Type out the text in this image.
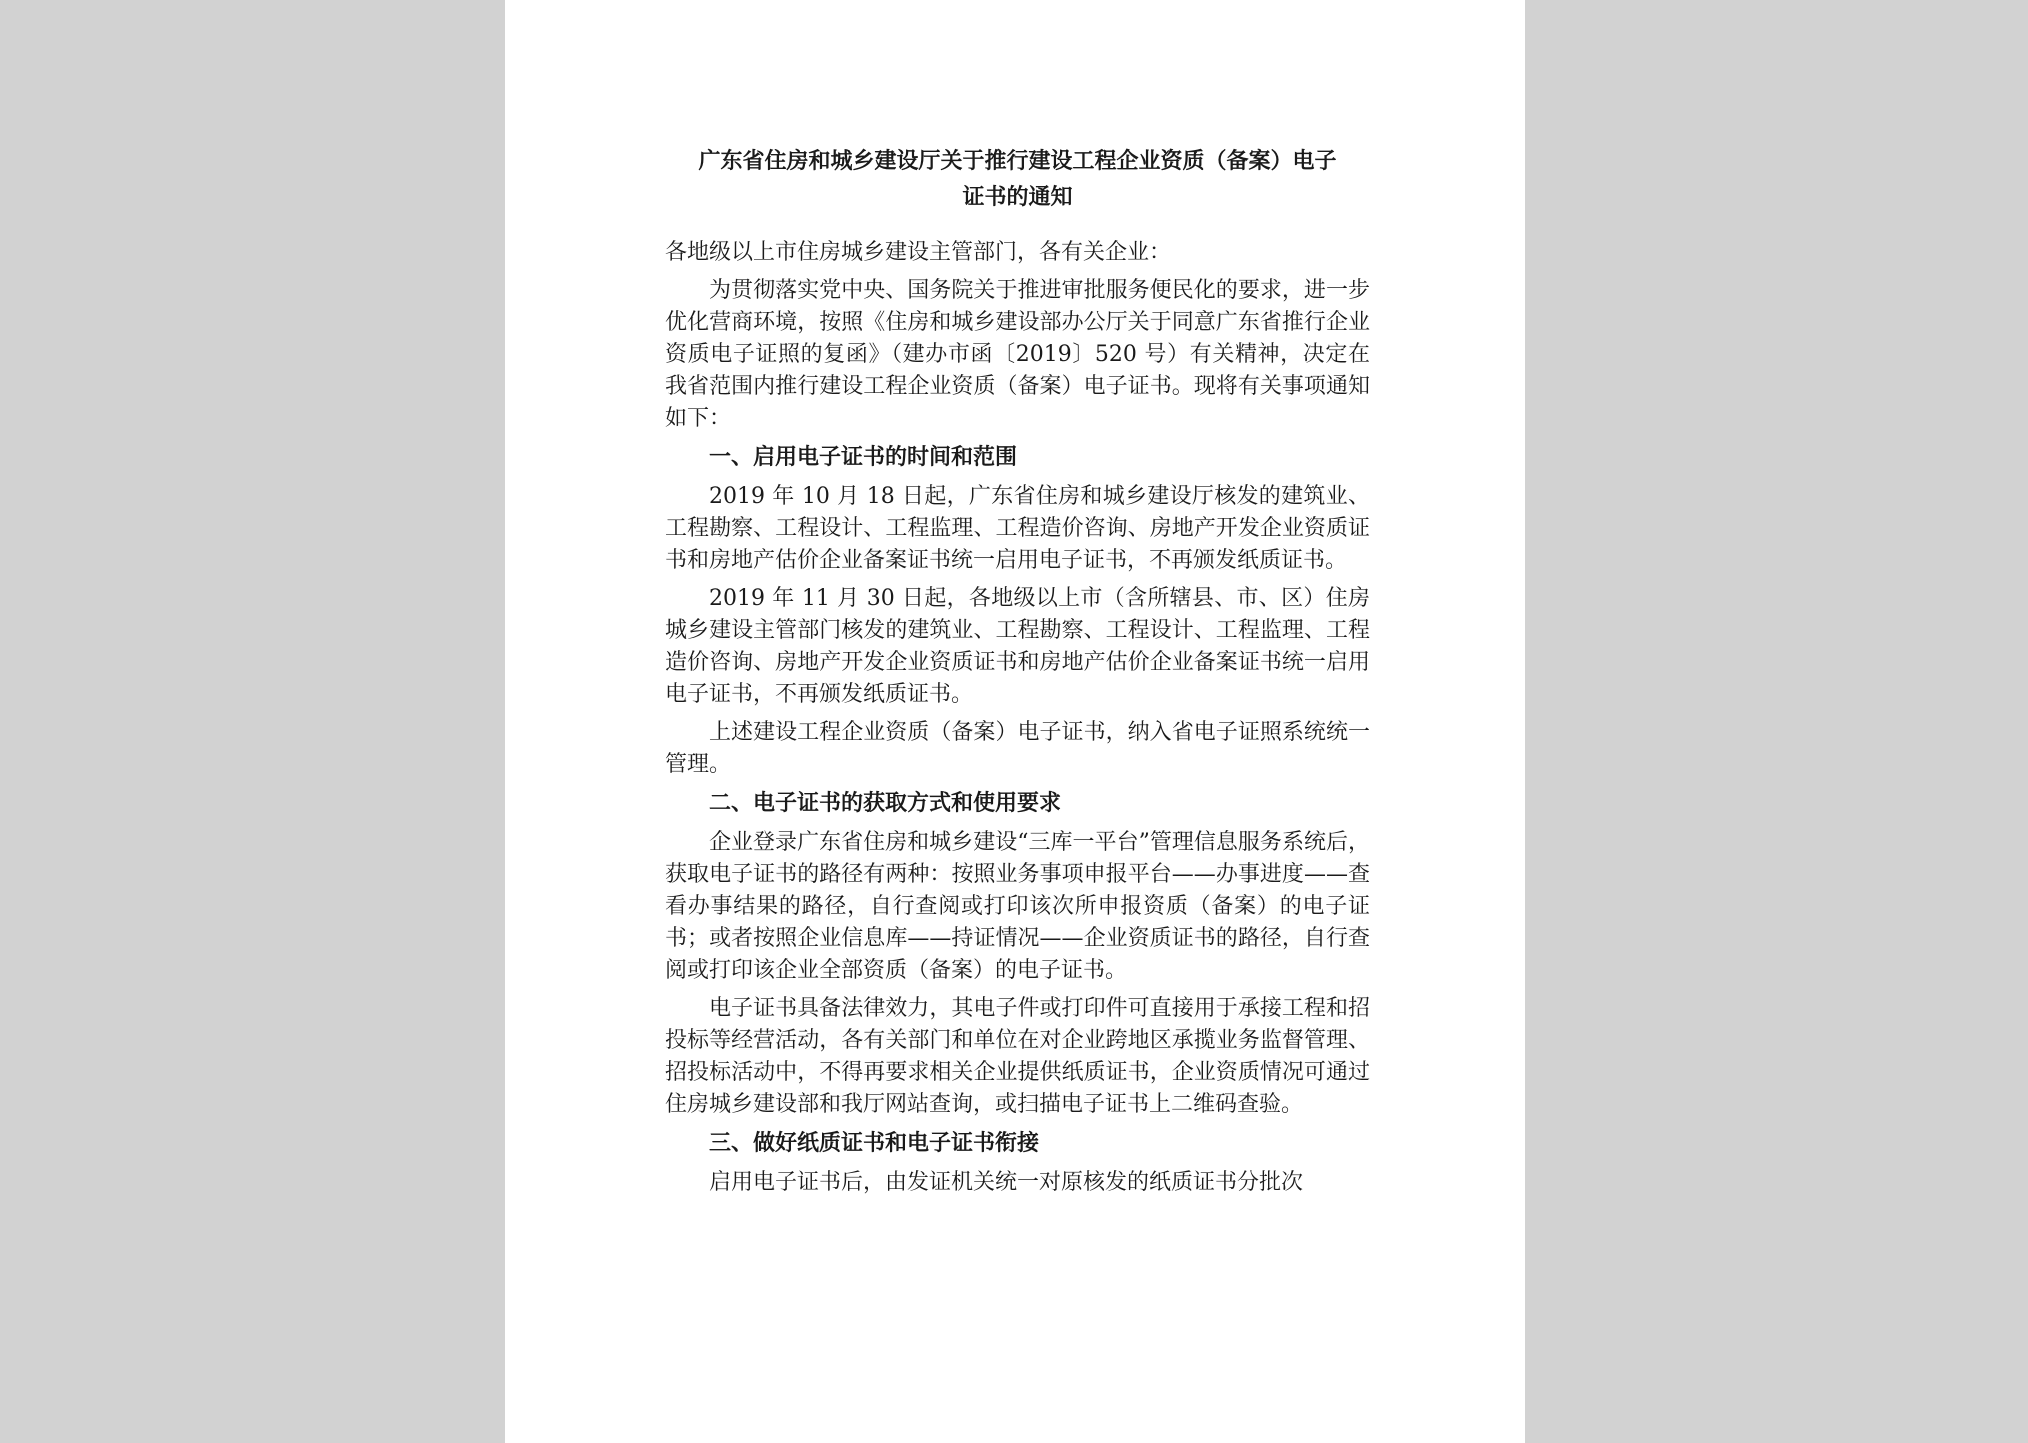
广东省住房和城乡建设厅关于推行建设工程企业资质（备案）电子
证书的通知
各地级以上市住房城乡建设主管部门，各有关企业：
为贯彻落实党中央、国务院关于推进审批服务便民化的要求，进一步优化营商环境，按照《住房和城乡建设部办公厅关于同意广东省推行企业资质电子证照的复函》（建办市函〔2019〕520 号）有关精神，决定在我省范围内推行建设工程企业资质（备案）电子证书。现将有关事项通知如下：
一、启用电子证书的时间和范围
2019 年 10 月 18 日起，广东省住房和城乡建设厅核发的建筑业、工程勘察、工程设计、工程监理、工程造价咨询、房地产开发企业资质证书和房地产估价企业备案证书统一启用电子证书，不再颁发纸质证书。
2019 年 11 月 30 日起，各地级以上市（含所辖县、市、区）住房城乡建设主管部门核发的建筑业、工程勘察、工程设计、工程监理、工程造价咨询、房地产开发企业资质证书和房地产估价企业备案证书统一启用电子证书，不再颁发纸质证书。
上述建设工程企业资质（备案）电子证书，纳入省电子证照系统统一管理。
二、电子证书的获取方式和使用要求
企业登录广东省住房和城乡建设“三库一平台”管理信息服务系统后，获取电子证书的路径有两种：按照业务事项申报平台——办事进度——查看办事结果的路径，自行查阅或打印该次所申报资质（备案）的电子证书；或者按照企业信息库——持证情况——企业资质证书的路径，自行查阅或打印该企业全部资质（备案）的电子证书。
电子证书具备法律效力，其电子件或打印件可直接用于承接工程和招投标等经营活动，各有关部门和单位在对企业跨地区承揽业务监督管理、招投标活动中，不得再要求相关企业提供纸质证书，企业资质情况可通过住房城乡建设部和我厅网站查询，或扫描电子证书上二维码查验。
三、做好纸质证书和电子证书衔接
启用电子证书后，由发证机关统一对原核发的纸质证书分批次
